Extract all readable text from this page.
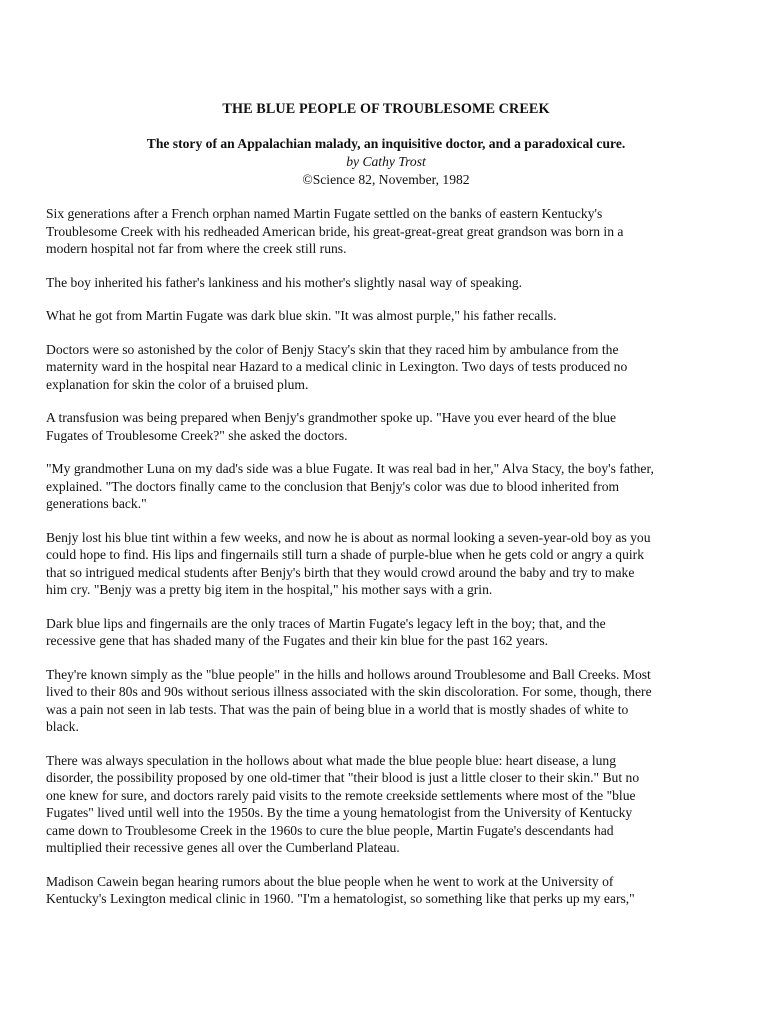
THE BLUE PEOPLE OF TROUBLESOME CREEK

The story of an Appalachian malady, an inquisitive doctor, and a paradoxical cure.

by Cathy Trost

©Science 82, November, 1982

Six generations after a French orphan named Martin Fugate settled on the banks of eastern Kentucky's
Troublesome Creek with his redheaded American bride, his great-great-great great grandson was born in a
modern hospital not far from where the creek still runs.

The boy inherited his father's lankiness and his mother's slightly nasal way of speaking.

What he got from Martin Fugate was dark blue skin. "It was almost purple," his father recalls.

Doctors were so astonished by the color of Benjy Stacy's skin that they raced him by ambulance from the
maternity ward in the hospital near Hazard to a medical clinic in Lexington. Two days of tests produced no
explanation for skin the color of a bruised plum.

A transfusion was being prepared when Benjy's grandmother spoke up. "Have you ever heard of the blue
Fugates of Troublesome Creek?" she asked the doctors.

"My grandmother Luna on my dad's side was a blue Fugate. It was real bad in her," Alva Stacy, the boy's father,
explained. "The doctors finally came to the conclusion that Benjy's color was due to blood inherited from
generations back."

Benjy lost his blue tint within a few weeks, and now he is about as normal looking a seven-year-old boy as you
could hope to find. His lips and fingernails still turn a shade of purple-blue when he gets cold or angry a quirk
that so intrigued medical students after Benjy's birth that they would crowd around the baby and try to make
him cry. "Benjy was a pretty big item in the hospital," his mother says with a grin.

Dark blue lips and fingernails are the only traces of Martin Fugate's legacy left in the boy; that, and the
recessive gene that has shaded many of the Fugates and their kin blue for the past 162 years.

They're known simply as the "blue people" in the hills and hollows around Troublesome and Ball Creeks. Most
lived to their 80s and 90s without serious illness associated with the skin discoloration. For some, though, there
was a pain not seen in lab tests. That was the pain of being blue in a world that is mostly shades of white to
black.

There was always speculation in the hollows about what made the blue people blue: heart disease, a lung
disorder, the possibility proposed by one old-timer that "their blood is just a little closer to their skin." But no
one knew for sure, and doctors rarely paid visits to the remote creekside settlements where most of the "blue
Fugates" lived until well into the 1950s. By the time a young hematologist from the University of Kentucky
came down to Troublesome Creek in the 1960s to cure the blue people, Martin Fugate's descendants had
multiplied their recessive genes all over the Cumberland Plateau.

Madison Cawein began hearing rumors about the blue people when he went to work at the University of
Kentucky's Lexington medical clinic in 1960. "I'm a hematologist, so something like that perks up my ears,"
